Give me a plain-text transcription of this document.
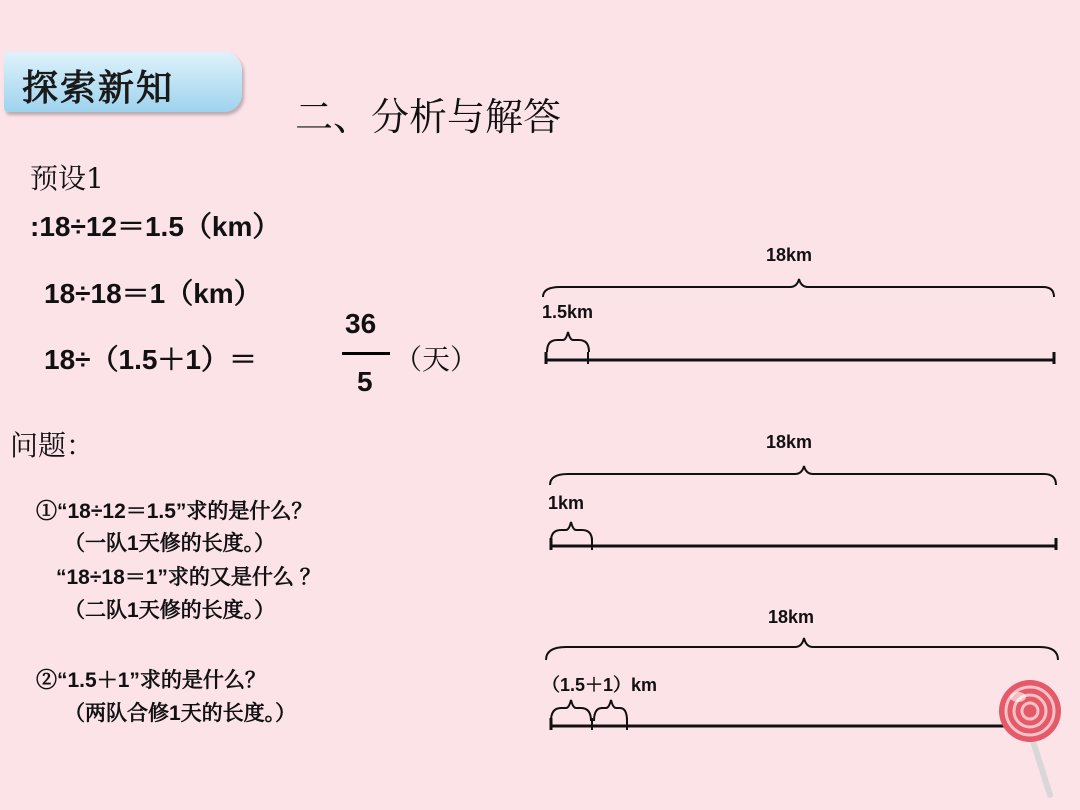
探索新知
二、分析与解答
预设1
:18÷12＝1.5（km）
18÷18＝1（km）
18÷（1.5＋1）＝
36
5
（天）
问题：
①“18÷12＝1.5”求的是什么？
（一队1天修的长度。）
“18÷18＝1”求的又是什么 ？
（二队1天修的长度。）
②“1.5＋1”求的是什么？
（两队合修1天的长度。）
18km
1.5km
18km
1km
18km
（1.5＋1）km
